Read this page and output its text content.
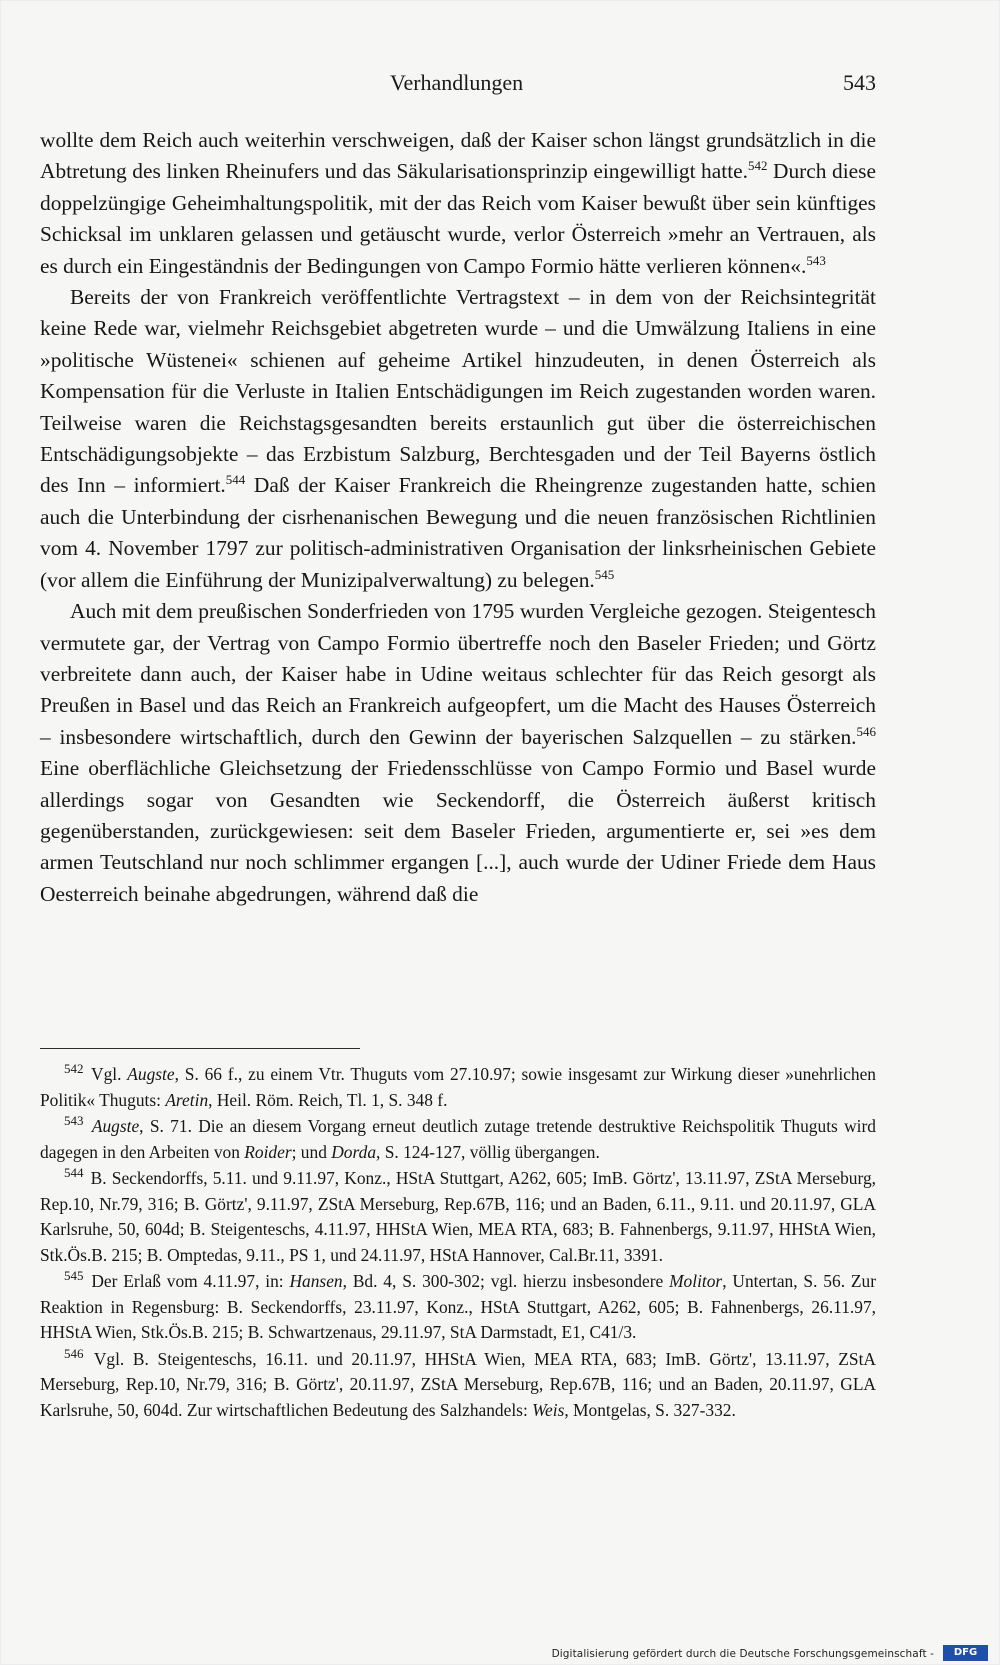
Verhandlungen	543

wollte dem Reich auch weiterhin verschweigen, daß der Kaiser schon längst grundsätzlich in die Abtretung des linken Rheinufers und das Säkularisationsprinzip eingewilligt hatte.$^{542}$ Durch diese doppelzüngige Geheimhaltungspolitik, mit der das Reich vom Kaiser bewußt über sein künftiges Schicksal im unklaren gelassen und getäuscht wurde, verlor Österreich »mehr an Vertrauen, als es durch ein Eingeständnis der Bedingungen von Campo Formio hätte verlieren können«.$^{543}$

Bereits der von Frankreich veröffentlichte Vertragstext – in dem von der Reichsintegrität keine Rede war, vielmehr Reichsgebiet abgetreten wurde – und die Umwälzung Italiens in eine »politische Wüstenei« schienen auf geheime Artikel hinzudeuten, in denen Österreich als Kompensation für die Verluste in Italien Entschädigungen im Reich zugestanden worden waren. Teilweise waren die Reichstagsgesandten bereits erstaunlich gut über die österreichischen Entschädigungsobjekte – das Erzbistum Salzburg, Berchtesgaden und der Teil Bayerns östlich des Inn – informiert.$^{544}$ Daß der Kaiser Frankreich die Rheingrenze zugestanden hatte, schien auch die Unterbindung der cisrhenanischen Bewegung und die neuen französischen Richtlinien vom 4. November 1797 zur politisch-administrativen Organisation der linksrheinischen Gebiete (vor allem die Einführung der Munizipalverwaltung) zu belegen.$^{545}$

Auch mit dem preußischen Sonderfrieden von 1795 wurden Vergleiche gezogen. Steigentesch vermutete gar, der Vertrag von Campo Formio übertreffe noch den Baseler Frieden; und Görtz verbreitete dann auch, der Kaiser habe in Udine weitaus schlechter für das Reich gesorgt als Preußen in Basel und das Reich an Frankreich aufgeopfert, um die Macht des Hauses Österreich – insbesondere wirtschaftlich, durch den Gewinn der bayerischen Salzquellen – zu stärken.$^{546}$ Eine oberflächliche Gleichsetzung der Friedensschlüsse von Campo Formio und Basel wurde allerdings sogar von Gesandten wie Seckendorff, die Österreich äußerst kritisch gegenüberstanden, zurückgewiesen: seit dem Baseler Frieden, argumentierte er, sei »es dem armen Teutschland nur noch schlimmer ergangen [...], auch wurde der Udiner Friede dem Haus Oesterreich beinahe abgedrungen, während daß die

$^{542}$ Vgl. Augste, S. 66 f., zu einem Vtr. Thuguts vom 27.10.97; sowie insgesamt zur Wirkung dieser »unehrlichen Politik« Thuguts: Aretin, Heil. Röm. Reich, Tl. 1, S. 348 f.

$^{543}$ Augste, S. 71. Die an diesem Vorgang erneut deutlich zutage tretende destruktive Reichspolitik Thuguts wird dagegen in den Arbeiten von Roider; und Dorda, S. 124-127, völlig übergangen.

$^{544}$ B. Seckendorffs, 5.11. und 9.11.97, Konz., HStA Stuttgart, A262, 605; ImB. Görtz', 13.11.97, ZStA Merseburg, Rep.10, Nr.79, 316; B. Görtz', 9.11.97, ZStA Merseburg, Rep.67B, 116; und an Baden, 6.11., 9.11. und 20.11.97, GLA Karlsruhe, 50, 604d; B. Steigenteschs, 4.11.97, HHStA Wien, MEA RTA, 683; B. Fahnenbergs, 9.11.97, HHStA Wien, Stk.Ös.B. 215; B. Omptedas, 9.11., PS 1, und 24.11.97, HStA Hannover, Cal.Br.11, 3391.

$^{545}$ Der Erlaß vom 4.11.97, in: Hansen, Bd. 4, S. 300-302; vgl. hierzu insbesondere Molitor, Untertan, S. 56. Zur Reaktion in Regensburg: B. Seckendorffs, 23.11.97, Konz., HStA Stuttgart, A262, 605; B. Fahnenbergs, 26.11.97, HHStA Wien, Stk.Ös.B. 215; B. Schwartzenaus, 29.11.97, StA Darmstadt, E1, C41/3.

$^{546}$ Vgl. B. Steigenteschs, 16.11. und 20.11.97, HHStA Wien, MEA RTA, 683; ImB. Görtz', 13.11.97, ZStA Merseburg, Rep.10, Nr.79, 316; B. Görtz', 20.11.97, ZStA Merseburg, Rep.67B, 116; und an Baden, 20.11.97, GLA Karlsruhe, 50, 604d. Zur wirtschaftlichen Bedeutung des Salzhandels: Weis, Montgelas, S. 327-332.

Digitalisierung gefördert durch die Deutsche Forschungsgemeinschaft -	DFG
